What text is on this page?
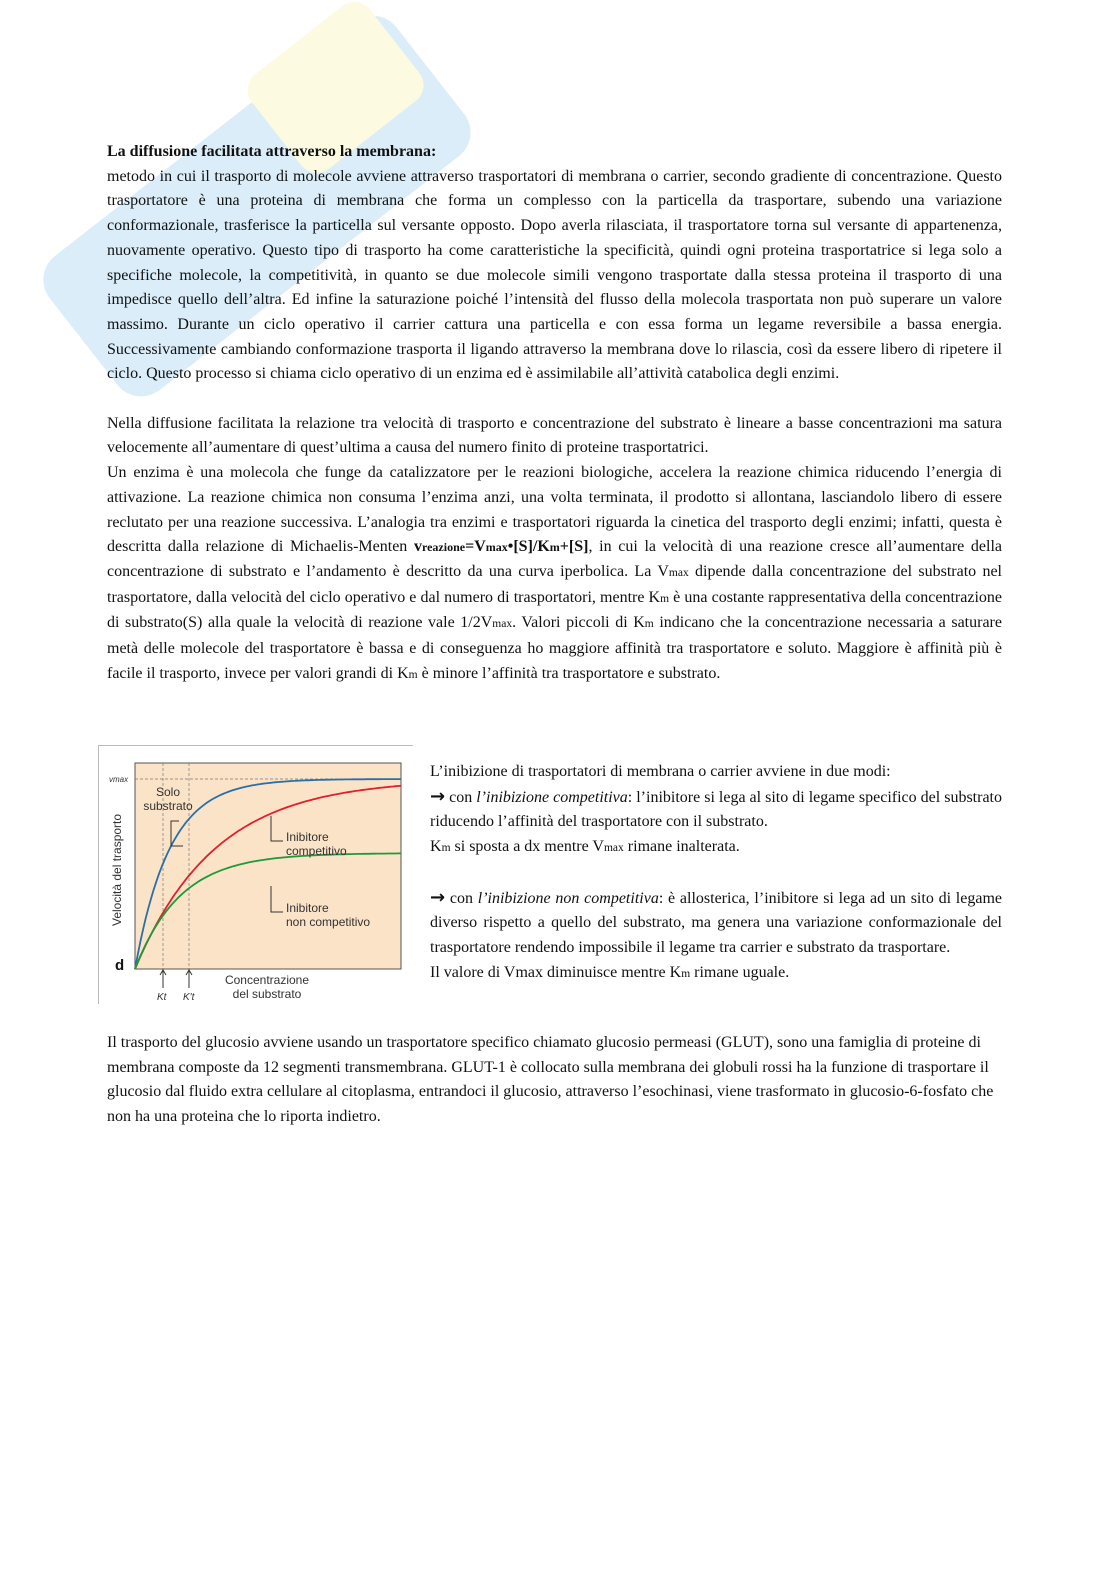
La diffusione facilitata attraverso la membrana:

metodo in cui il trasporto di molecole avviene attraverso trasportatori di membrana o carrier, secondo gradiente di concentrazione. Questo trasportatore è una proteina di membrana che forma un complesso con la particella da trasportare, subendo una variazione conformazionale, trasferisce la particella sul versante opposto. Dopo averla rilasciata, il trasportatore torna sul versante di appartenenza, nuovamente operativo. Questo tipo di trasporto ha come caratteristiche la specificità, quindi ogni proteina trasportatrice si lega solo a specifiche molecole, la competitività, in quanto se due molecole simili vengono trasportate dalla stessa proteina il trasporto di una impedisce quello dell’altra. Ed infine la saturazione poiché l’intensità del flusso della molecola trasportata non può superare un valore massimo. Durante un ciclo operativo il carrier cattura una particella e con essa forma un legame reversibile a bassa energia. Successivamente cambiando conformazione trasporta il ligando attraverso la membrana dove lo rilascia, così da essere libero di ripetere il ciclo. Questo processo si chiama ciclo operativo di un enzima ed è assimilabile all’attività catabolica degli enzimi.

Nella diffusione facilitata la relazione tra velocità di trasporto e concentrazione del substrato è lineare a basse concentrazioni ma satura velocemente all’aumentare di quest’ultima a causa del numero finito di proteine trasportatrici.

Un enzima è una molecola che funge da catalizzatore per le reazioni biologiche, accelera la reazione chimica riducendo l’energia di attivazione. La reazione chimica non consuma l’enzima anzi, una volta terminata, il prodotto si allontana, lasciandolo libero di essere reclutato per una reazione successiva. L’analogia tra enzimi e trasportatori riguarda la cinetica del trasporto degli enzimi; infatti, questa è descritta dalla relazione di Michaelis-Menten vreazione=Vmax•[S]/Km+[S], in cui la velocità di una reazione cresce all’aumentare della concentrazione di substrato e l’andamento è descritto da una curva iperbolica. La Vmax dipende dalla concentrazione del substrato nel trasportatore, dalla velocità del ciclo operativo e dal numero di trasportatori, mentre Km è una costante rappresentativa della concentrazione di substrato(S) alla quale la velocità di reazione vale 1/2Vmax. Valori piccoli di Km indicano che la concentrazione necessaria a saturare metà delle molecole del trasportatore è bassa e di conseguenza ho maggiore affinità tra trasportatore e soluto. Maggiore è affinità più è facile il trasporto, invece per valori grandi di Km è minore l’affinità tra trasportatore e substrato.

vmax
Solo
substrato
Inibitore
competitivo
Inibitore
non competitivo
Concentrazione
del substrato
Kt K't
d
Velocità del trasporto

L’inibizione di trasportatori di membrana o carrier avviene in due modi:

→ con l’inibizione competitiva: l’inibitore si lega al sito di legame specifico del substrato riducendo l’affinità del trasportatore con il substrato.

Km si sposta a dx mentre Vmax rimane inalterata.

→ con l’inibizione non competitiva: è allosterica, l’inibitore si lega ad un sito di legame diverso rispetto a quello del substrato, ma genera una variazione conformazionale del trasportatore rendendo impossibile il legame tra carrier e substrato da trasportare.

Il valore di Vmax diminuisce mentre Km rimane uguale.

Il trasporto del glucosio avviene usando un trasportatore specifico chiamato glucosio permeasi (GLUT), sono una famiglia di proteine di membrana composte da 12 segmenti transmembrana. GLUT-1 è collocato sulla membrana dei globuli rossi ha la funzione di trasportare il glucosio dal fluido extra cellulare al citoplasma, entrandoci il glucosio, attraverso l’esochinasi, viene trasformato in glucosio-6-fosfato che non ha una proteina che lo riporta indietro.
